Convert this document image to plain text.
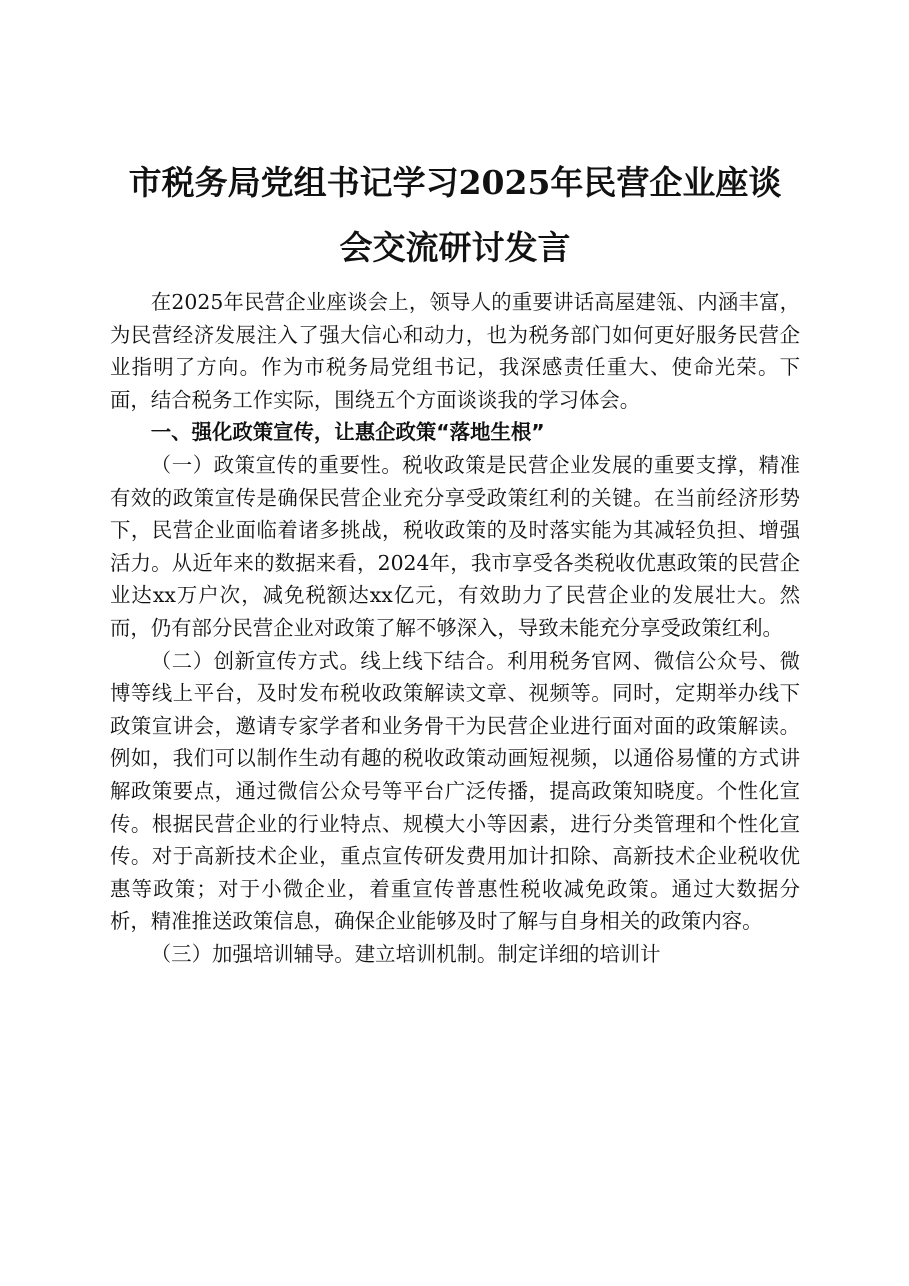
市税务局党组书记学习2025年民营企业座谈
会交流研讨发言

在2025年民营企业座谈会上，领导人的重要讲话高屋建瓴、内涵丰富，为民营经济发展注入了强大信心和动力，也为税务部门如何更好服务民营企业指明了方向。作为市税务局党组书记，我深感责任重大、使命光荣。下面，结合税务工作实际，围绕五个方面谈谈我的学习体会。

一、强化政策宣传，让惠企政策“落地生根”

（一）政策宣传的重要性。税收政策是民营企业发展的重要支撑，精准有效的政策宣传是确保民营企业充分享受政策红利的关键。在当前经济形势下，民营企业面临着诸多挑战，税收政策的及时落实能为其减轻负担、增强活力。从近年来的数据来看，2024年，我市享受各类税收优惠政策的民营企业达xx万户次，减免税额达xx亿元，有效助力了民营企业的发展壮大。然而，仍有部分民营企业对政策了解不够深入，导致未能充分享受政策红利。

（二）创新宣传方式。线上线下结合。利用税务官网、微信公众号、微博等线上平台，及时发布税收政策解读文章、视频等。同时，定期举办线下政策宣讲会，邀请专家学者和业务骨干为民营企业进行面对面的政策解读。例如，我们可以制作生动有趣的税收政策动画短视频，以通俗易懂的方式讲解政策要点，通过微信公众号等平台广泛传播，提高政策知晓度。个性化宣传。根据民营企业的行业特点、规模大小等因素，进行分类管理和个性化宣传。对于高新技术企业，重点宣传研发费用加计扣除、高新技术企业税收优惠等政策；对于小微企业，着重宣传普惠性税收减免政策。通过大数据分析，精准推送政策信息，确保企业能够及时了解与自身相关的政策内容。

（三）加强培训辅导。建立培训机制。制定详细的培训计
